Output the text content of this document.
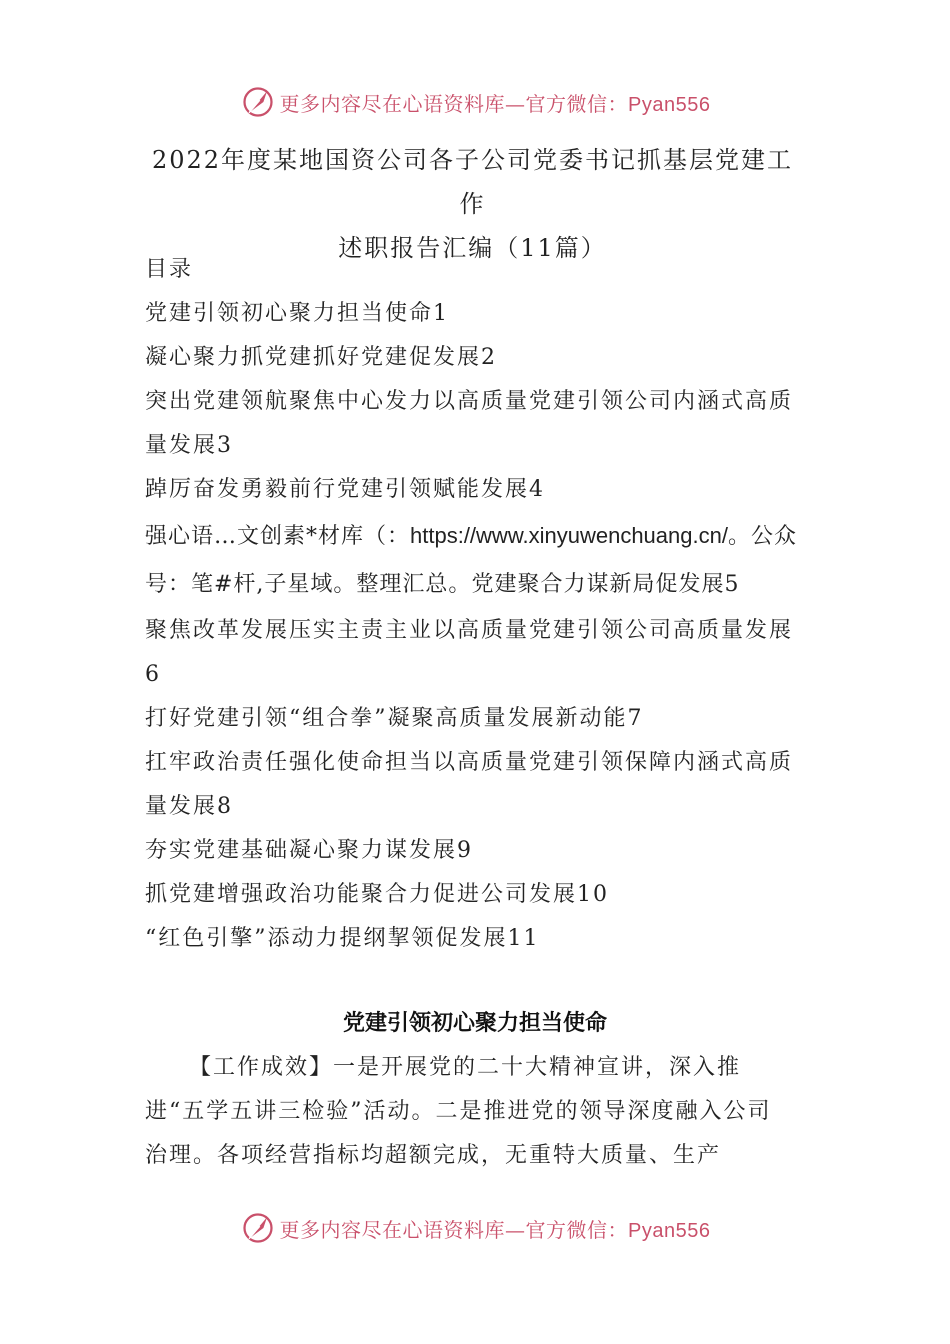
更多内容尽在心语资料库—官方微信：Pyan556
2022年度某地国资公司各子公司党委书记抓基层党建工作
述职报告汇编（11篇）
目录
党建引领初心聚力担当使命1
凝心聚力抓党建抓好党建促发展2
突出党建领航聚焦中心发力以高质量党建引领公司内涵式高质量发展3
踔厉奋发勇毅前行党建引领赋能发展4
强心语…文创素*材库（：https://www.xinyuwenchuang.cn/。公众号：笔#杆,子星域。整理汇总。党建聚合力谋新局促发展5
聚焦改革发展压实主责主业以高质量党建引领公司高质量发展6
打好党建引领“组合拳”凝聚高质量发展新动能7
扛牢政治责任强化使命担当以高质量党建引领保障内涵式高质量发展8
夯实党建基础凝心聚力谋发展9
抓党建增强政治功能聚合力促进公司发展10
“红色引擎”添动力提纲挈领促发展11
党建引领初心聚力担当使命
【工作成效】一是开展党的二十大精神宣讲，深入推进“五学五讲三检验”活动。二是推进党的领导深度融入公司治理。各项经营指标均超额完成，无重特大质量、生产
更多内容尽在心语资料库—官方微信：Pyan556
